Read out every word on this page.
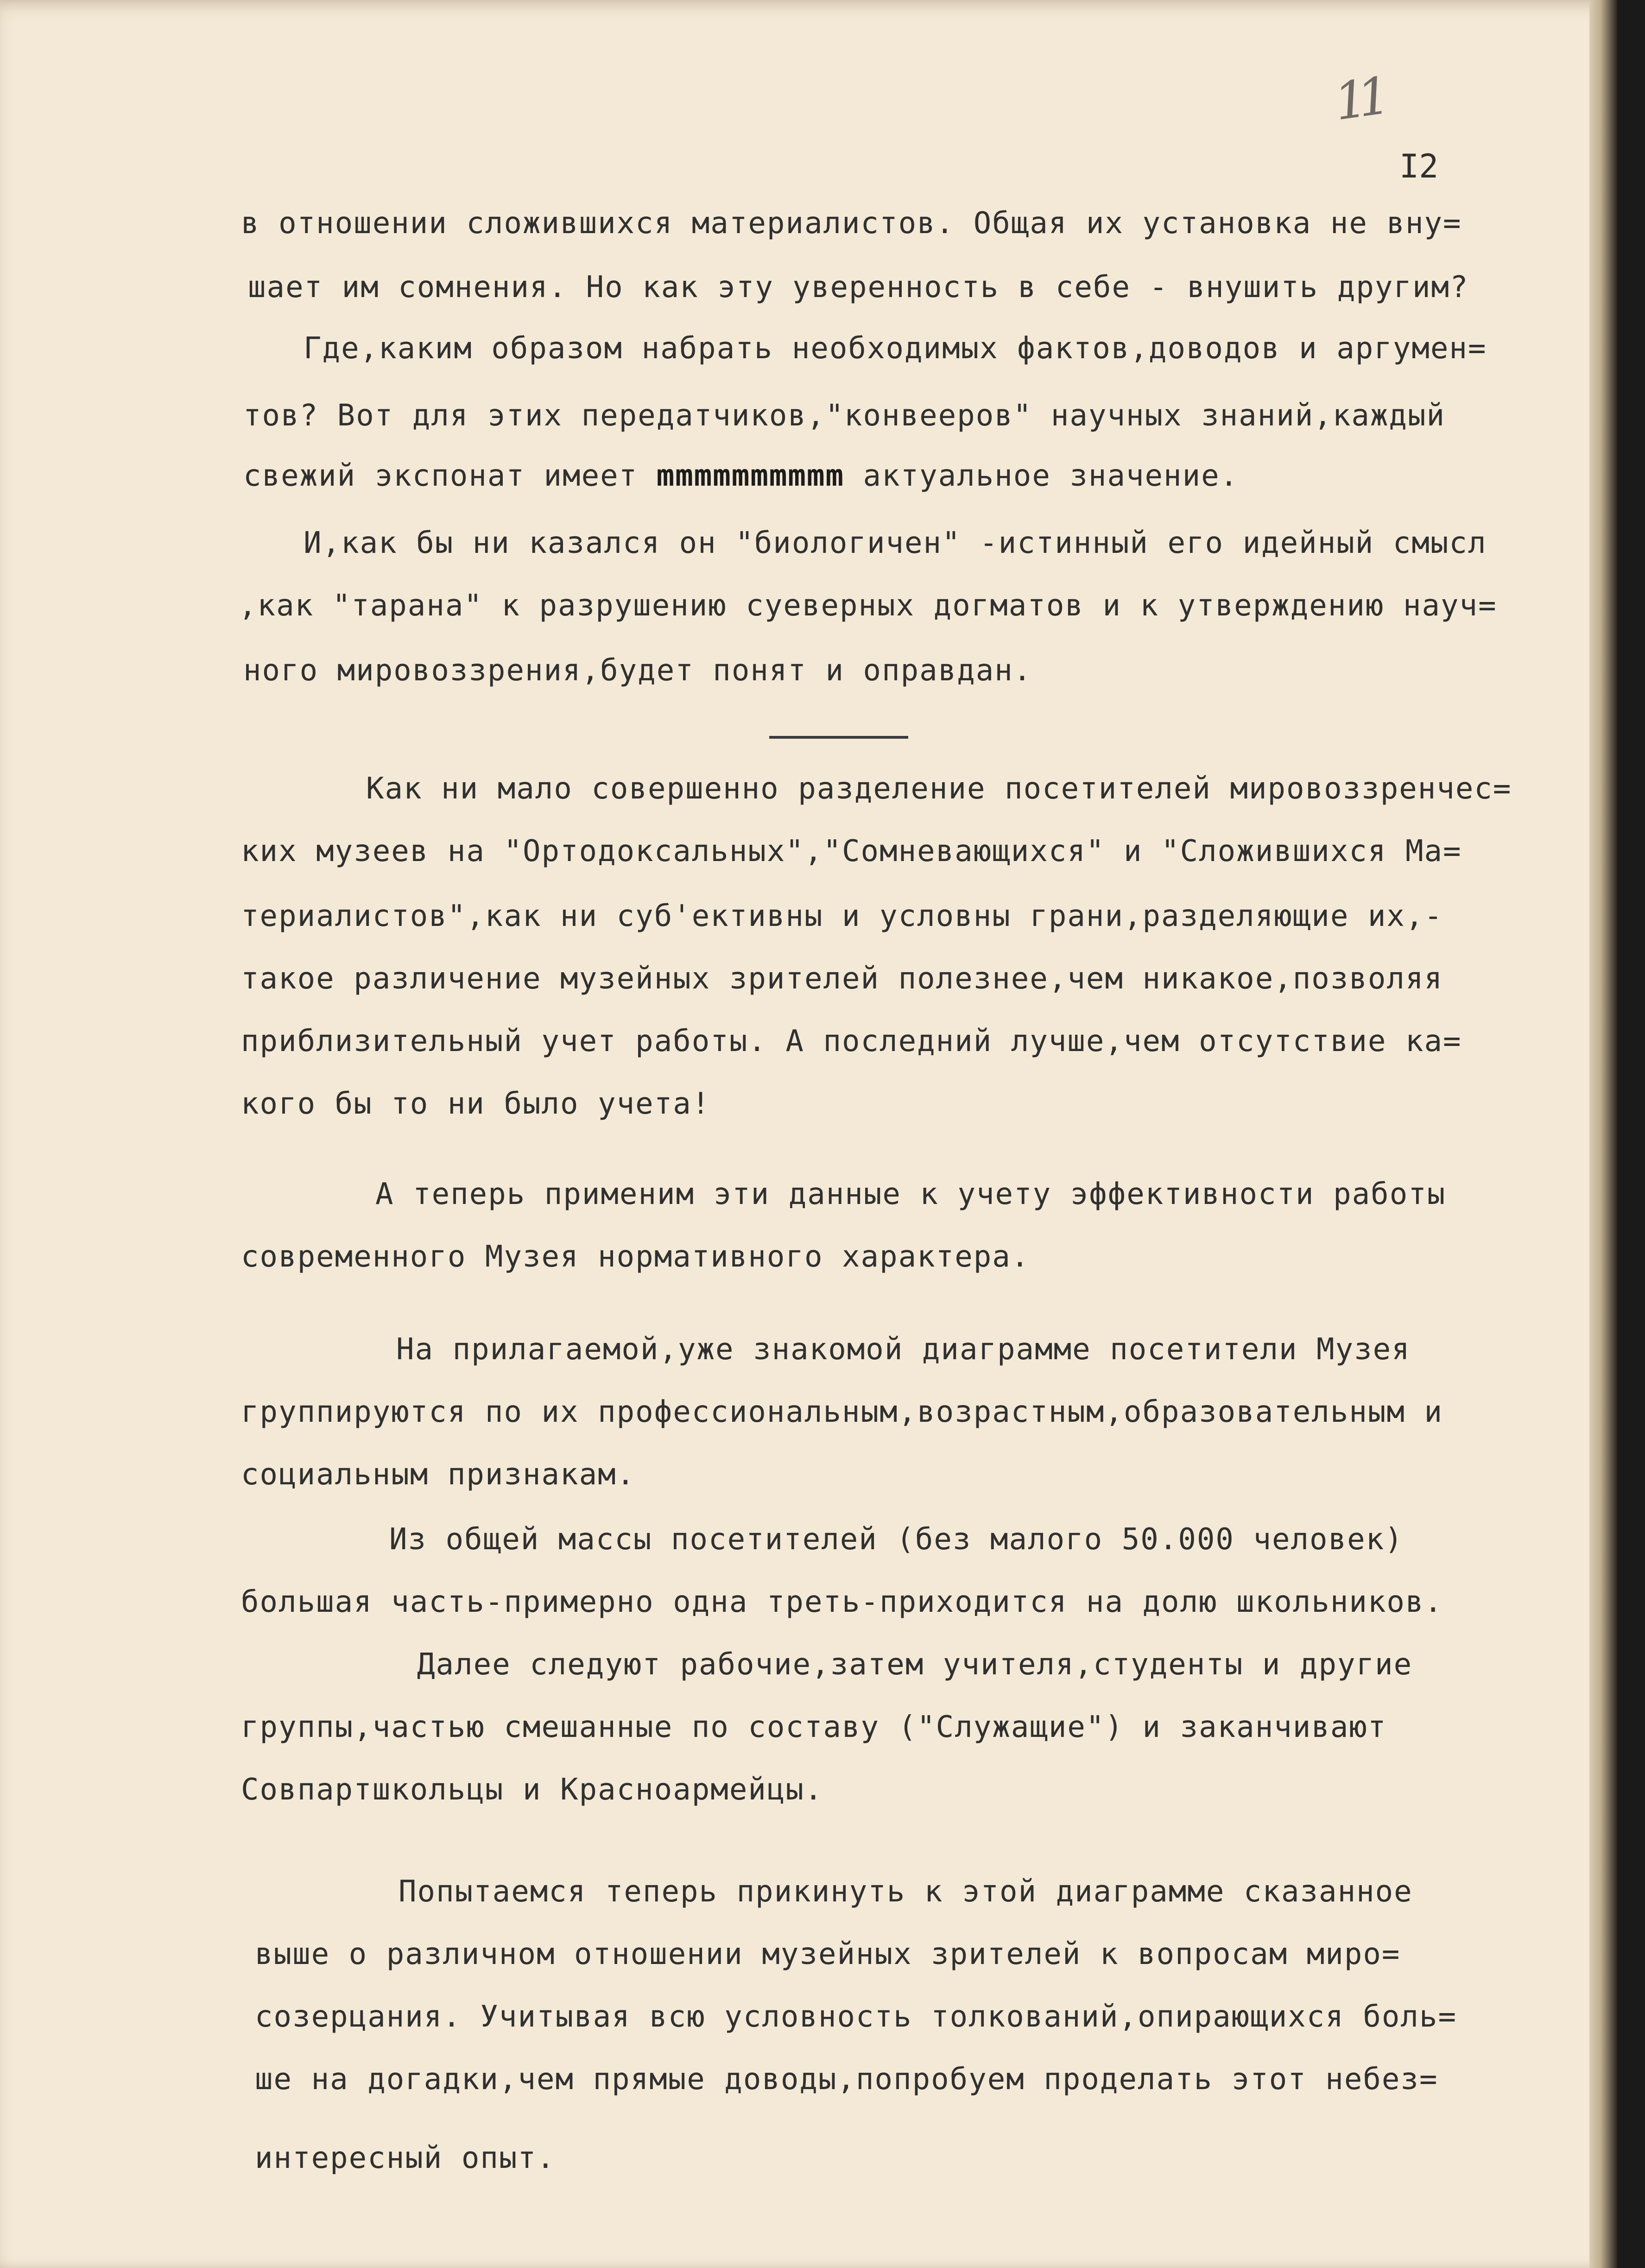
11
I2
в отношении сложившихся материалистов. Общая их установка не вну=
шает им сомнения. Но как эту уверенность в себе - внушить другим?
Где,каким образом набрать необходимых фактов,доводов и аргумен=
тов? Вот для этих передатчиков,"конвееров" научных знаний,каждый
свежий экспонат имеет mmmmmmmmmm актуальное значение.
И,как бы ни казался он "биологичен" -истинный его идейный смысл
,как "тарана" к разрушению суеверных догматов и к утверждению науч=
ного мировоззрения,будет понят и оправдан.
Как ни мало совершенно разделение посетителей мировоззренчес=
ких музеев на "Ортодоксальных","Сомневающихся" и "Сложившихся Ма=
териалистов",как ни суб'ективны и условны грани,разделяющие их,-
такое различение музейных зрителей полезнее,чем никакое,позволяя
приблизительный учет работы. А последний лучше,чем отсутствие ка=
кого бы то ни было учета!
А теперь применим эти данные к учету эффективности работы
современного Музея нормативного характера.
На прилагаемой,уже знакомой диаграмме посетители Музея
группируются по их профессиональным,возрастным,образовательным и
социальным признакам.
Из общей массы посетителей (без малого 50.000 человек)
большая часть-примерно одна треть-приходится на долю школьников.
Далее следуют рабочие,затем учителя,студенты и другие
группы,частью смешанные по составу ("Служащие") и заканчивают
Совпартшкольцы и Красноармейцы.
Попытаемся теперь прикинуть к этой диаграмме сказанное
выше о различном отношении музейных зрителей к вопросам миро=
созерцания. Учитывая всю условность толкований,опирающихся боль=
ше на догадки,чем прямые доводы,попробуем проделать этот небез=
интересный опыт.
